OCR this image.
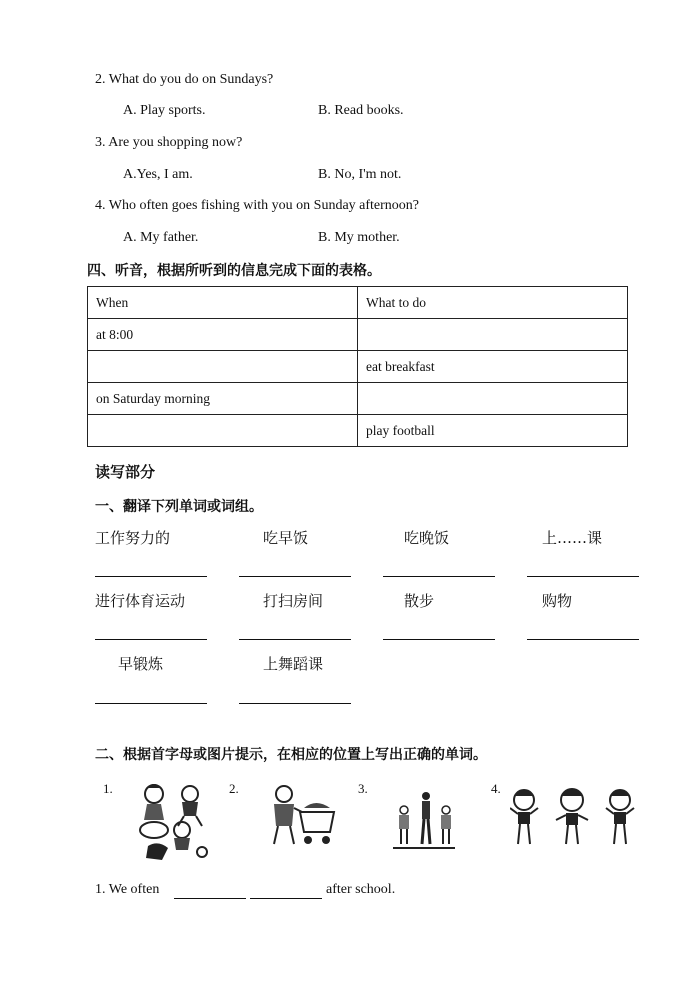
2. What do you do on Sundays?
A. Play sports.	B. Read books.
3. Are you shopping now?
A.Yes, I am.	B. No, I'm not.
4. Who often goes fishing with you on Sunday afternoon?
A. My father.	B. My mother.
四、听音，根据所听到的信息完成下面的表格。
When	What to do
at 8:00	
	eat breakfast
on Saturday morning	
	play football
读写部分
一、翻译下列单词或词组。
工作努力的	吃早饭	吃晚饭	上……课
进行体育运动	打扫房间	散步	购物
早锻炼	上舞蹈课
二、根据首字母或图片提示，在相应的位置上写出正确的单词。
1.	2.	3.	4.
1. We often	after school.
